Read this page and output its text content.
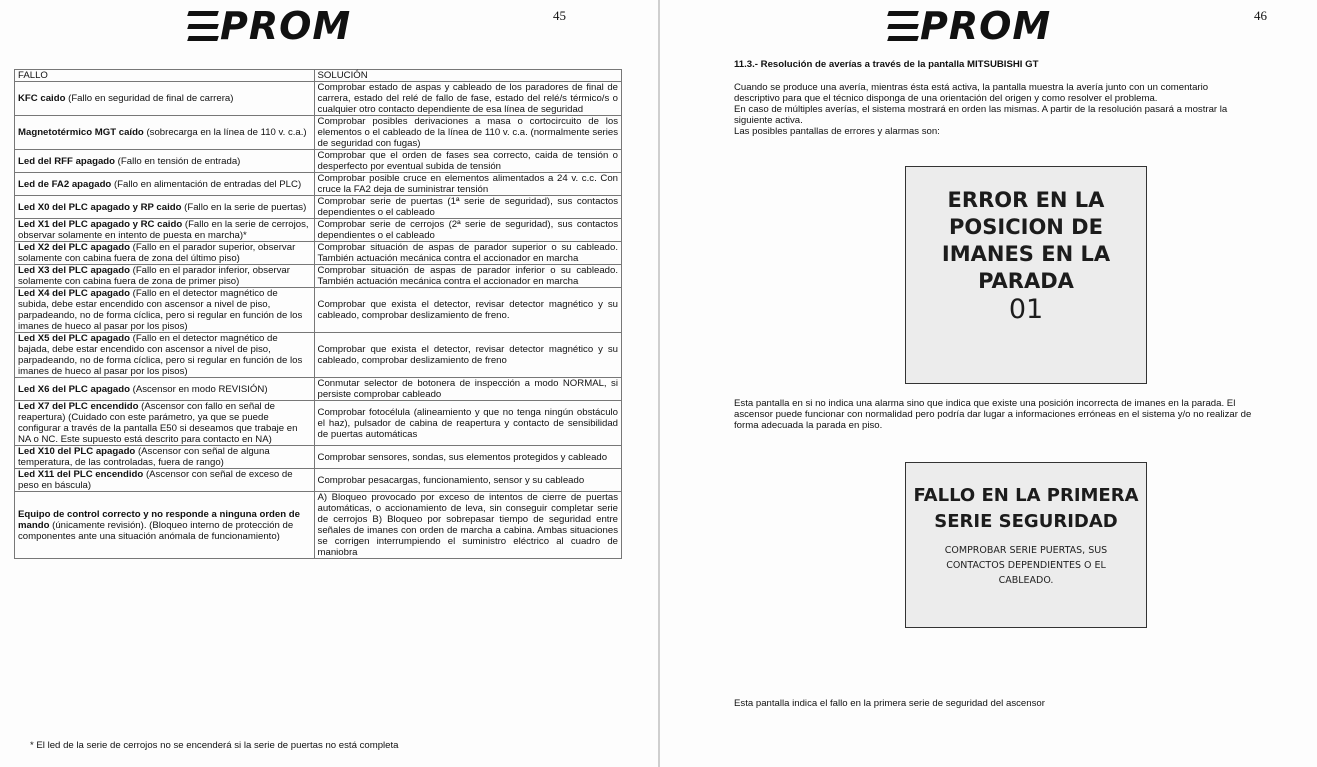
PROM	45
FALLO	SOLUCIÓN
KFC caido (Fallo en seguridad de final de carrera)	Comprobar estado de aspas y cableado de los paradores de final de carrera, estado del relé de fallo de fase, estado del relé/s térmico/s o cualquier otro contacto dependiente de esa línea de seguridad
Magnetotérmico MGT caído (sobrecarga en la línea de 110 v. c.a.)	Comprobar posibles derivaciones a masa o cortocircuito de los elementos o el cableado de la línea de 110 v. c.a. (normalmente series de seguridad con fugas)
Led del RFF apagado (Fallo en tensión de entrada)	Comprobar que el orden de fases sea correcto, caida de tensión o desperfecto por eventual subida de tensión
Led de FA2 apagado (Fallo en alimentación de entradas del PLC)	Comprobar posible cruce en elementos alimentados a 24 v. c.c. Con cruce la FA2 deja de suministrar tensión
Led X0 del PLC apagado y RP caido (Fallo en la serie de puertas)	Comprobar serie de puertas (1ª serie de seguridad), sus contactos dependientes o el cableado
Led X1 del PLC apagado y RC caido (Fallo en la serie de cerrojos, observar solamente en intento de puesta en marcha)*	Comprobar serie de cerrojos (2ª serie de seguridad), sus contactos dependientes o el cableado
Led X2 del PLC apagado (Fallo en el parador superior, observar solamente con cabina fuera de zona del último piso)	Comprobar situación de aspas de parador superior o su cableado. También actuación mecánica contra el accionador en marcha
Led X3 del PLC apagado (Fallo en el parador inferior, observar solamente con cabina fuera de zona de primer piso)	Comprobar situación de aspas de parador inferior o su cableado. También actuación mecánica contra el accionador en marcha
Led X4 del PLC apagado (Fallo en el detector magnético de subida, debe estar encendido con ascensor a nivel de piso, parpadeando, no de forma cíclica, pero si regular en función de los imanes de hueco al pasar por los pisos)	Comprobar que exista el detector, revisar detector magnético y su cableado, comprobar deslizamiento de freno.
Led X5 del PLC apagado (Fallo en el detector magnético de bajada, debe estar encendido con ascensor a nivel de piso, parpadeando, no de forma cíclica, pero si regular en función de los imanes de hueco al pasar por los pisos)	Comprobar que exista el detector, revisar detector magnético y su cableado, comprobar deslizamiento de freno
Led X6 del PLC apagado (Ascensor en modo REVISIÓN)	Conmutar selector de botonera de inspección a modo NORMAL, si persiste comprobar cableado
Led X7 del PLC encendido (Ascensor con fallo en señal de reapertura) (Cuidado con este parámetro, ya que se puede configurar a través de la pantalla E50 si deseamos que trabaje en NA o NC. Este supuesto está descrito para contacto en NA)	Comprobar fotocélula (alineamiento y que no tenga ningún obstáculo el haz), pulsador de cabina de reapertura y contacto de sensibilidad de puertas automáticas
Led X10 del PLC apagado (Ascensor con señal de alguna temperatura, de las controladas, fuera de rango)	Comprobar sensores, sondas, sus elementos protegidos y cableado
Led X11 del PLC encendido (Ascensor con señal de exceso de peso en báscula)	Comprobar pesacargas, funcionamiento, sensor y su cableado
Equipo de control correcto y no responde a ninguna orden de mando (únicamente revisión). (Bloqueo interno de protección de componentes ante una situación anómala de funcionamiento)	A) Bloqueo provocado por exceso de intentos de cierre de puertas automáticas, o accionamiento de leva, sin conseguir completar serie de cerrojos B) Bloqueo por sobrepasar tiempo de seguridad entre señales de imanes con orden de marcha a cabina. Ambas situaciones se corrigen interrumpiendo el suministro eléctrico al cuadro de maniobra
* El led de la serie de cerrojos no se encenderá si la serie de puertas no está completa
PROM	46
11.3.- Resolución de averías a través de la pantalla MITSUBISHI GT
Cuando se produce una avería, mientras ésta está activa, la pantalla muestra la avería junto con un comentario descriptivo para que el técnico disponga de una orientación del origen y como resolver el problema.
En caso de múltiples averías, el sistema mostrará en orden las mismas. A partir de la resolución pasará a mostrar la siguiente activa.
Las posibles pantallas de errores y alarmas son:
ERROR EN LA
POSICION DE
IMANES EN LA
PARADA
01
Esta pantalla en si no indica una alarma sino que indica que existe una posición incorrecta de imanes en la parada. El ascensor puede funcionar con normalidad pero podría dar lugar a informaciones erróneas en el sistema y/o no realizar de forma adecuada la parada en piso.
FALLO EN LA PRIMERA
SERIE SEGURIDAD
COMPROBAR SERIE PUERTAS, SUS
CONTACTOS DEPENDIENTES O EL
CABLEADO.
Esta pantalla indica el fallo en la primera serie de seguridad del ascensor
